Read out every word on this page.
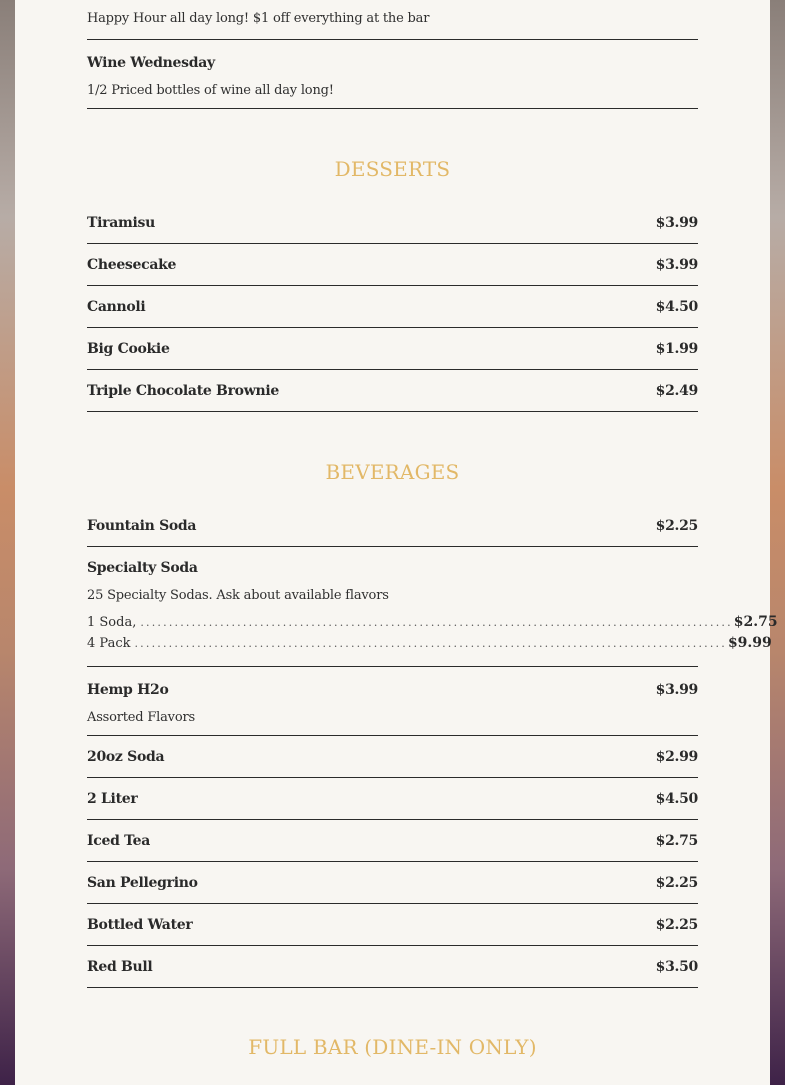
Happy Hour all day long! $1 off everything at the bar
Wine Wednesday
1/2 Priced bottles of wine all day long!
DESSERTS
Tiramisu	$3.99
Cheesecake	$3.99
Cannoli	$4.50
Big Cookie	$1.99
Triple Chocolate Brownie	$2.49
BEVERAGES
Fountain Soda	$2.25
Specialty Soda
25 Specialty Sodas. Ask about available flavors
1 Soda, ........................................................................................................ $2.75
4 Pack ........................................................................................................ $9.99
Hemp H2o	$3.99
Assorted Flavors
20oz Soda	$2.99
2 Liter	$4.50
Iced Tea	$2.75
San Pellegrino	$2.25
Bottled Water	$2.25
Red Bull	$3.50
FULL BAR (DINE-IN ONLY)
